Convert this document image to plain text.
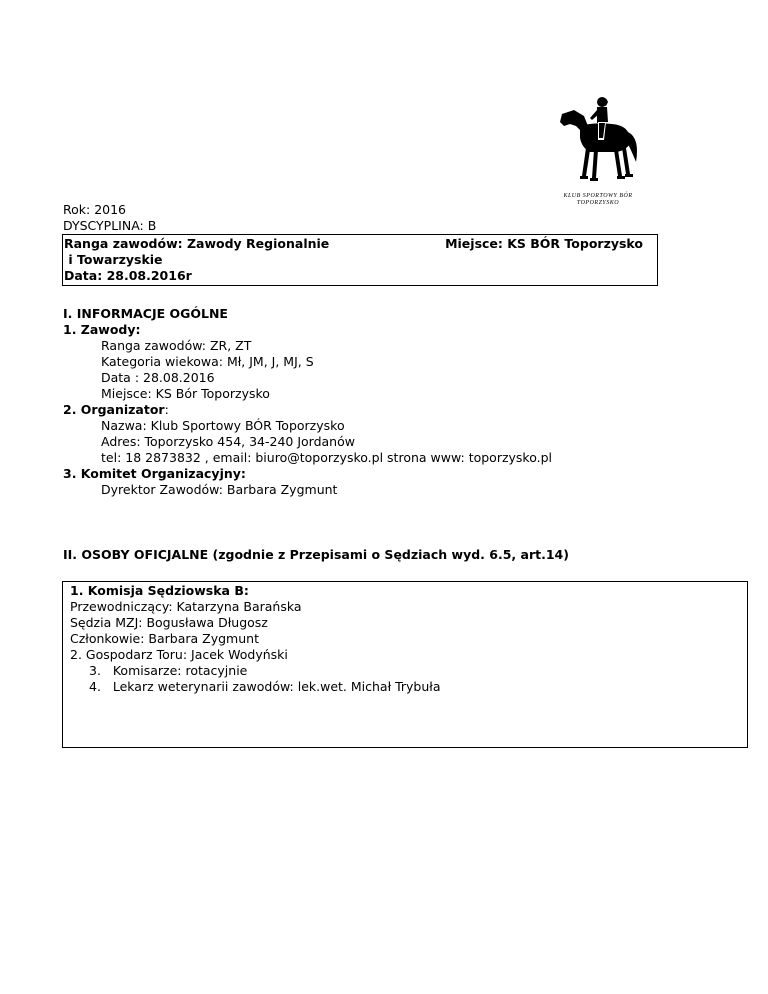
KLUB SPORTOWY BÓR
TOPORZYSKO
Rok: 2016
DYSCYPLINA: B
Ranga zawodów: Zawody Regionalnie
i Towarzyskie
Data: 28.08.2016r
Miejsce: KS BÓR Toporzysko
I. INFORMACJE OGÓLNE
1. Zawody:
Ranga zawodów: ZR, ZT
Kategoria wiekowa: Mł, JM, J, MJ, S
Data : 28.08.2016
Miejsce: KS Bór Toporzysko
2. Organizator:
Nazwa: Klub Sportowy BÓR Toporzysko
Adres: Toporzysko 454, 34-240 Jordanów
tel: 18 2873832 , email: biuro@toporzysko.pl strona www: toporzysko.pl
3. Komitet Organizacyjny:
Dyrektor Zawodów: Barbara Zygmunt
II. OSOBY OFICJALNE (zgodnie z Przepisami o Sędziach wyd. 6.5, art.14)
1. Komisja Sędziowska B:
Przewodniczący: Katarzyna Barańska
Sędzia MZJ: Bogusława Długosz
Członkowie: Barbara Zygmunt
2. Gospodarz Toru: Jacek Wodyński
3.   Komisarze: rotacyjnie
4.   Lekarz weterynarii zawodów: lek.wet. Michał Trybuła
